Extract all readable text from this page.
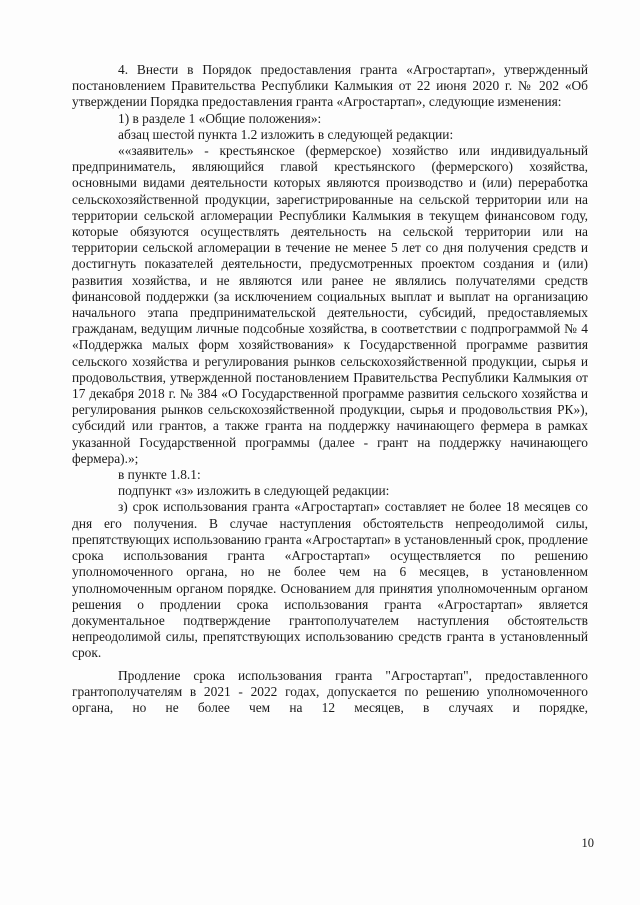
4. Внести в Порядок предоставления гранта «Агростартап», утвержденный постановлением Правительства Республики Калмыкия от 22 июня 2020 г. № 202 «Об утверждении Порядка предоставления гранта «Агростартап», следующие изменения:

1) в разделе 1 «Общие положения»:

абзац шестой пункта 1.2 изложить в следующей редакции:

««заявитель» - крестьянское (фермерское) хозяйство или индивидуальный предприниматель, являющийся главой крестьянского (фермерского) хозяйства, основными видами деятельности которых являются производство и (или) переработка сельскохозяйственной продукции, зарегистрированные на сельской территории или на территории сельской агломерации Республики Калмыкия в текущем финансовом году, которые обязуются осуществлять деятельность на сельской территории или на территории сельской агломерации в течение не менее 5 лет со дня получения средств и достигнуть показателей деятельности, предусмотренных проектом создания и (или) развития хозяйства, и не являются или ранее не являлись получателями средств финансовой поддержки (за исключением социальных выплат и выплат на организацию начального этапа предпринимательской деятельности, субсидий, предоставляемых гражданам, ведущим личные подсобные хозяйства, в соответствии с подпрограммой № 4 «Поддержка малых форм хозяйствования» к Государственной программе развития сельского хозяйства и регулирования рынков сельскохозяйственной продукции, сырья и продовольствия, утвержденной постановлением Правительства Республики Калмыкия от 17 декабря 2018 г. № 384 «О Государственной программе развития сельского хозяйства и регулирования рынков сельскохозяйственной продукции, сырья и продовольствия РК»), субсидий или грантов, а также гранта на поддержку начинающего фермера в рамках указанной Государственной программы (далее - грант на поддержку начинающего фермера).»;

в пункте 1.8.1:

подпункт «з» изложить в следующей редакции:

з) срок использования гранта «Агростартап» составляет не более 18 месяцев со дня его получения. В случае наступления обстоятельств непреодолимой силы, препятствующих использованию гранта «Агростартап» в установленный срок, продление срока использования гранта «Агростартап» осуществляется по решению уполномоченного органа, но не более чем на 6 месяцев, в установленном уполномоченным органом порядке. Основанием для принятия уполномоченным органом решения о продлении срока использования гранта «Агростартап» является документальное подтверждение грантополучателем наступления обстоятельств непреодолимой силы, препятствующих использованию средств гранта в установленный срок.

Продление срока использования гранта "Агростартап", предоставленного грантополучателям в 2021 - 2022 годах, допускается по решению уполномоченного органа, но не более чем на 12 месяцев, в случаях и порядке,

10
